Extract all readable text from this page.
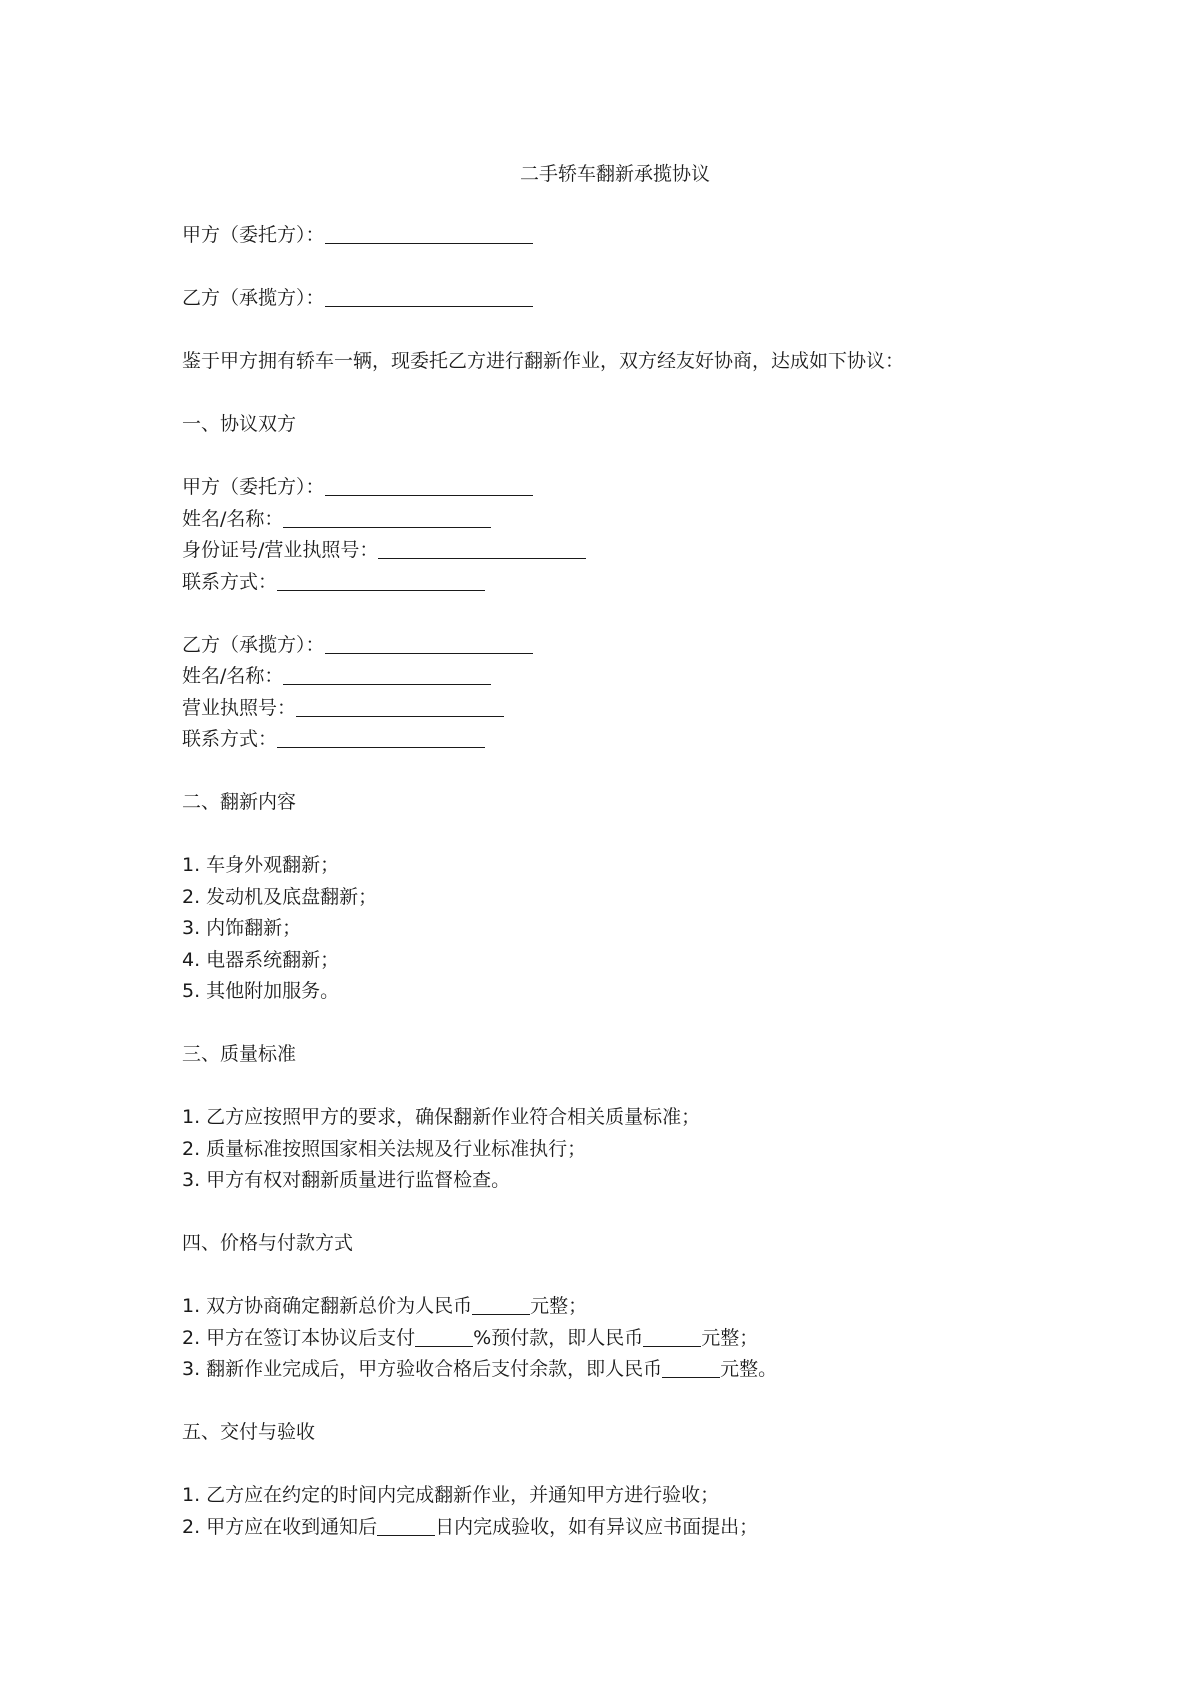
二手轿车翻新承揽协议
甲方（委托方）：
乙方（承揽方）：
鉴于甲方拥有轿车一辆，现委托乙方进行翻新作业，双方经友好协商，达成如下协议：
一、协议双方
甲方（委托方）：
姓名/名称：
身份证号/营业执照号：
联系方式：
乙方（承揽方）：
姓名/名称：
营业执照号：
联系方式：
二、翻新内容
1. 车身外观翻新；
2. 发动机及底盘翻新；
3. 内饰翻新；
4. 电器系统翻新；
5. 其他附加服务。
三、质量标准
1. 乙方应按照甲方的要求，确保翻新作业符合相关质量标准；
2. 质量标准按照国家相关法规及行业标准执行；
3. 甲方有权对翻新质量进行监督检查。
四、价格与付款方式
1. 双方协商确定翻新总价为人民币	元整；
2. 甲方在签订本协议后支付	%预付款，即人民币	元整；
3. 翻新作业完成后，甲方验收合格后支付余款，即人民币	元整。
五、交付与验收
1. 乙方应在约定的时间内完成翻新作业，并通知甲方进行验收；
2. 甲方应在收到通知后	日内完成验收，如有异议应书面提出；
